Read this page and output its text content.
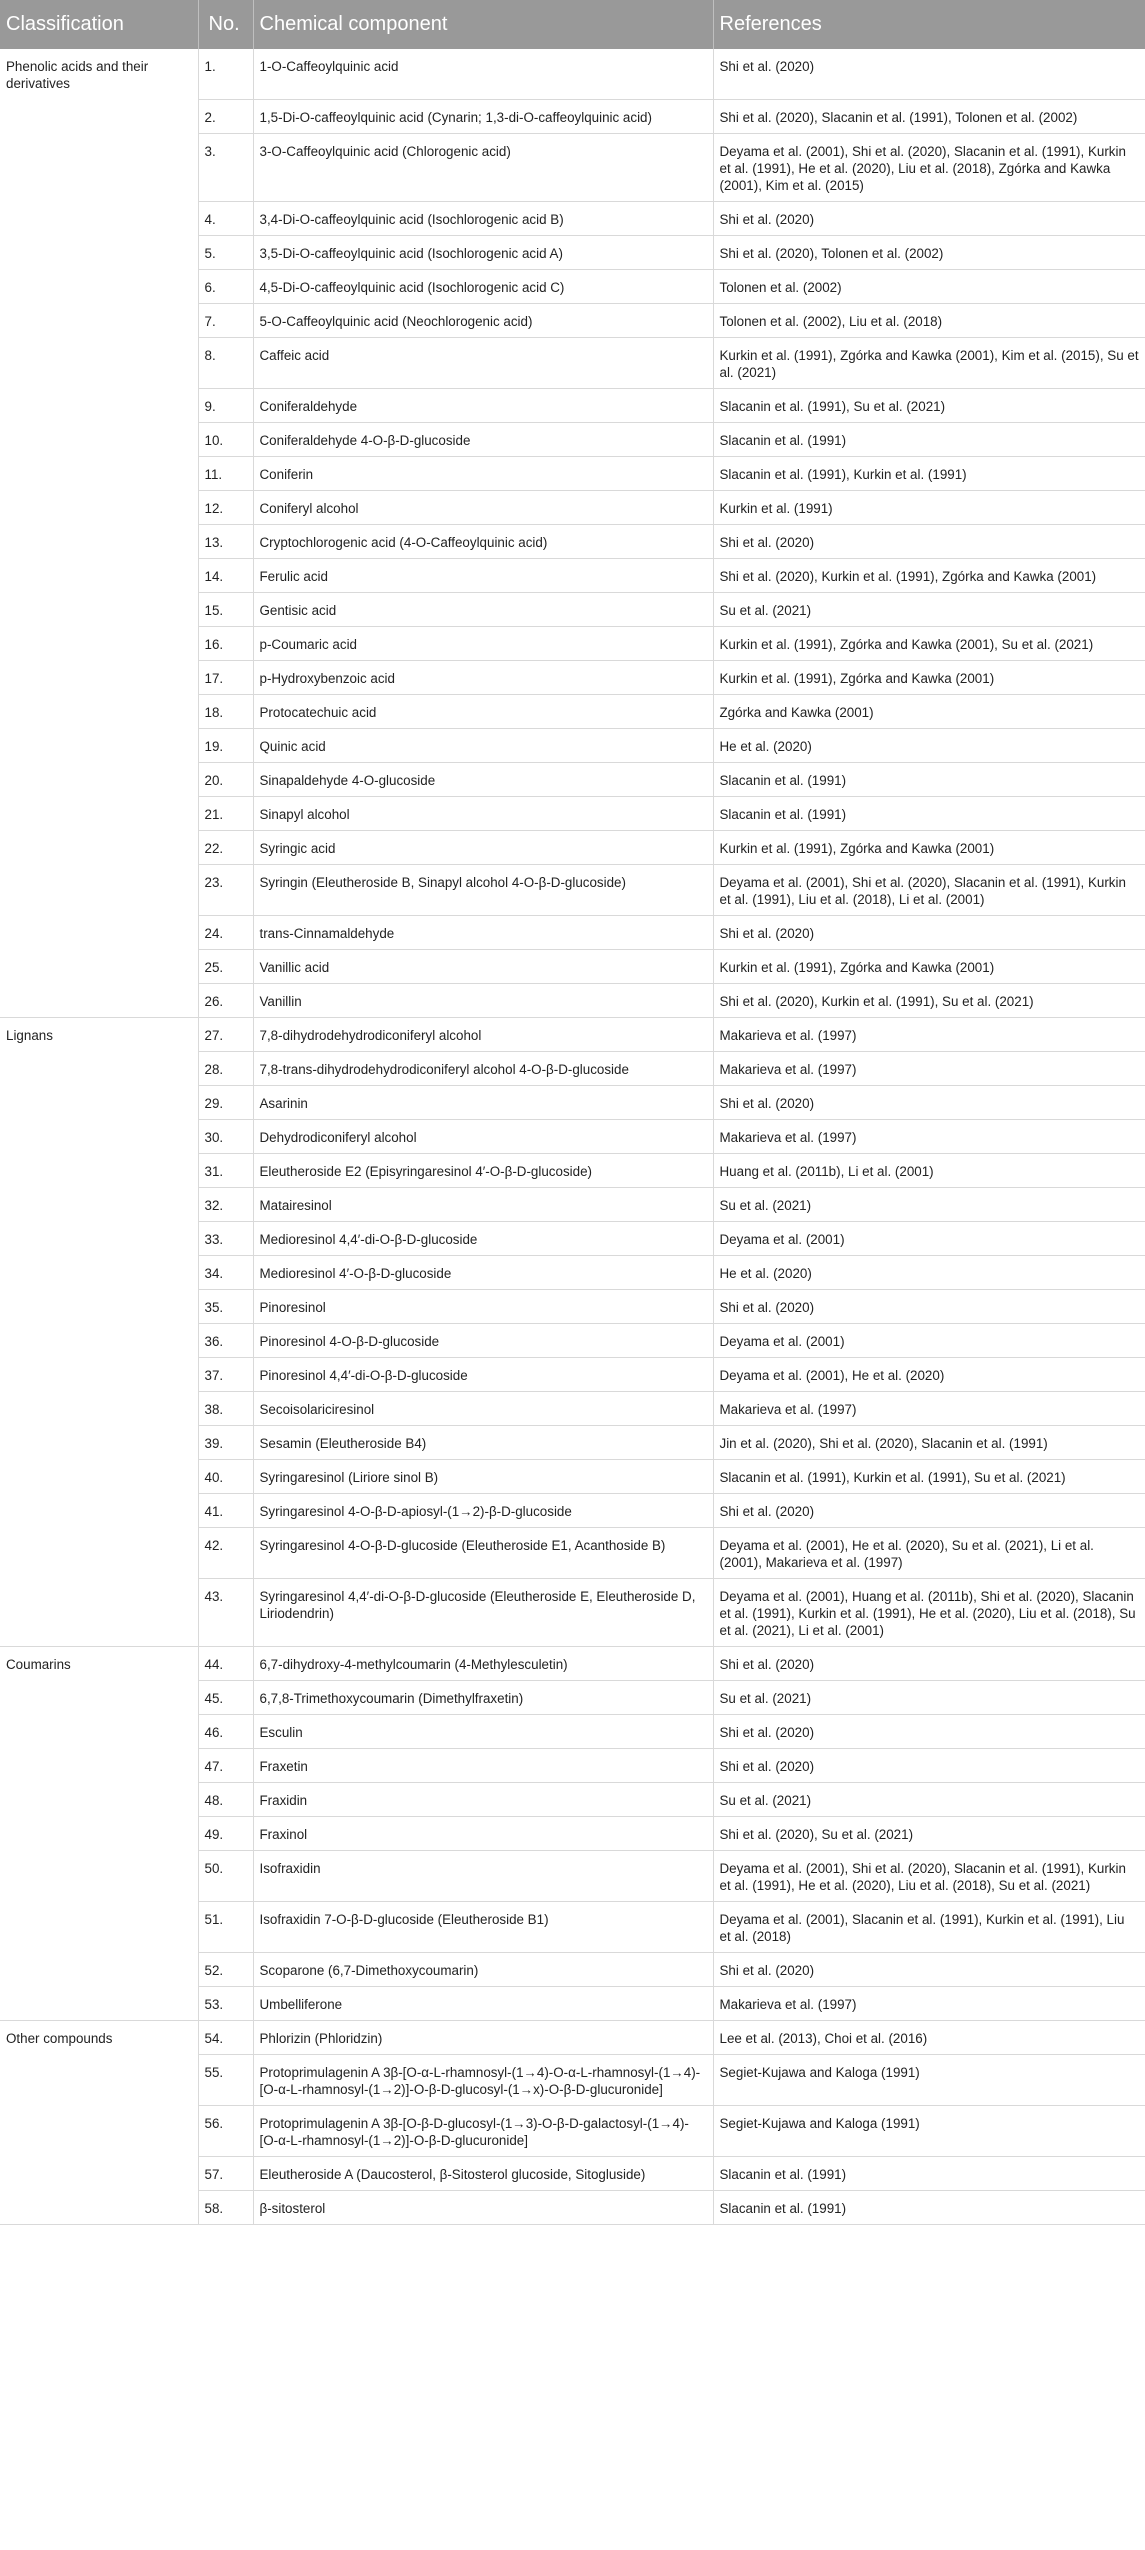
Classification	No.	Chemical component	References
Phenolic acids and their derivatives	1.	1-O-Caffeoylquinic acid	Shi et al. (2020)
	2.	1,5-Di-O-caffeoylquinic acid (Cynarin; 1,3-di-O-caffeoylquinic acid)	Shi et al. (2020), Slacanin et al. (1991), Tolonen et al. (2002)
	3.	3-O-Caffeoylquinic acid (Chlorogenic acid)	Deyama et al. (2001), Shi et al. (2020), Slacanin et al. (1991), Kurkin et al. (1991), He et al. (2020), Liu et al. (2018), Zgórka and Kawka (2001), Kim et al. (2015)
	4.	3,4-Di-O-caffeoylquinic acid (Isochlorogenic acid B)	Shi et al. (2020)
	5.	3,5-Di-O-caffeoylquinic acid (Isochlorogenic acid A)	Shi et al. (2020), Tolonen et al. (2002)
	6.	4,5-Di-O-caffeoylquinic acid (Isochlorogenic acid C)	Tolonen et al. (2002)
	7.	5-O-Caffeoylquinic acid (Neochlorogenic acid)	Tolonen et al. (2002), Liu et al. (2018)
	8.	Caffeic acid	Kurkin et al. (1991), Zgórka and Kawka (2001), Kim et al. (2015), Su et al. (2021)
	9.	Coniferaldehyde	Slacanin et al. (1991), Su et al. (2021)
	10.	Coniferaldehyde 4-O-β-D-glucoside	Slacanin et al. (1991)
	11.	Coniferin	Slacanin et al. (1991), Kurkin et al. (1991)
	12.	Coniferyl alcohol	Kurkin et al. (1991)
	13.	Cryptochlorogenic acid (4-O-Caffeoylquinic acid)	Shi et al. (2020)
	14.	Ferulic acid	Shi et al. (2020), Kurkin et al. (1991), Zgórka and Kawka (2001)
	15.	Gentisic acid	Su et al. (2021)
	16.	p-Coumaric acid	Kurkin et al. (1991), Zgórka and Kawka (2001), Su et al. (2021)
	17.	p-Hydroxybenzoic acid	Kurkin et al. (1991), Zgórka and Kawka (2001)
	18.	Protocatechuic acid	Zgórka and Kawka (2001)
	19.	Quinic acid	He et al. (2020)
	20.	Sinapaldehyde 4-O-glucoside	Slacanin et al. (1991)
	21.	Sinapyl alcohol	Slacanin et al. (1991)
	22.	Syringic acid	Kurkin et al. (1991), Zgórka and Kawka (2001)
	23.	Syringin (Eleutheroside B, Sinapyl alcohol 4-O-β-D-glucoside)	Deyama et al. (2001), Shi et al. (2020), Slacanin et al. (1991), Kurkin et al. (1991), Liu et al. (2018), Li et al. (2001)
	24.	trans-Cinnamaldehyde	Shi et al. (2020)
	25.	Vanillic acid	Kurkin et al. (1991), Zgórka and Kawka (2001)
	26.	Vanillin	Shi et al. (2020), Kurkin et al. (1991), Su et al. (2021)
Lignans	27.	7,8-dihydrodehydrodiconiferyl alcohol	Makarieva et al. (1997)
	28.	7,8-trans-dihydrodehydrodiconiferyl alcohol 4-O-β-D-glucoside	Makarieva et al. (1997)
	29.	Asarinin	Shi et al. (2020)
	30.	Dehydrodiconiferyl alcohol	Makarieva et al. (1997)
	31.	Eleutheroside E2 (Episyringaresinol 4′-O-β-D-glucoside)	Huang et al. (2011b), Li et al. (2001)
	32.	Matairesinol	Su et al. (2021)
	33.	Medioresinol 4,4′-di-O-β-D-glucoside	Deyama et al. (2001)
	34.	Medioresinol 4′-O-β-D-glucoside	He et al. (2020)
	35.	Pinoresinol	Shi et al. (2020)
	36.	Pinoresinol 4-O-β-D-glucoside	Deyama et al. (2001)
	37.	Pinoresinol 4,4′-di-O-β-D-glucoside	Deyama et al. (2001), He et al. (2020)
	38.	Secoisolariciresinol	Makarieva et al. (1997)
	39.	Sesamin (Eleutheroside B4)	Jin et al. (2020), Shi et al. (2020), Slacanin et al. (1991)
	40.	Syringaresinol (Liriore sinol B)	Slacanin et al. (1991), Kurkin et al. (1991), Su et al. (2021)
	41.	Syringaresinol 4-O-β-D-apiosyl-(1→2)-β-D-glucoside	Shi et al. (2020)
	42.	Syringaresinol 4-O-β-D-glucoside (Eleutheroside E1, Acanthoside B)	Deyama et al. (2001), He et al. (2020), Su et al. (2021), Li et al. (2001), Makarieva et al. (1997)
	43.	Syringaresinol 4,4′-di-O-β-D-glucoside (Eleutheroside E, Eleutheroside D, Liriodendrin)	Deyama et al. (2001), Huang et al. (2011b), Shi et al. (2020), Slacanin et al. (1991), Kurkin et al. (1991), He et al. (2020), Liu et al. (2018), Su et al. (2021), Li et al. (2001)
Coumarins	44.	6,7-dihydroxy-4-methylcoumarin (4-Methylesculetin)	Shi et al. (2020)
	45.	6,7,8-Trimethoxycoumarin (Dimethylfraxetin)	Su et al. (2021)
	46.	Esculin	Shi et al. (2020)
	47.	Fraxetin	Shi et al. (2020)
	48.	Fraxidin	Su et al. (2021)
	49.	Fraxinol	Shi et al. (2020), Su et al. (2021)
	50.	Isofraxidin	Deyama et al. (2001), Shi et al. (2020), Slacanin et al. (1991), Kurkin et al. (1991), He et al. (2020), Liu et al. (2018), Su et al. (2021)
	51.	Isofraxidin 7-O-β-D-glucoside (Eleutheroside B1)	Deyama et al. (2001), Slacanin et al. (1991), Kurkin et al. (1991), Liu et al. (2018)
	52.	Scoparone (6,7-Dimethoxycoumarin)	Shi et al. (2020)
	53.	Umbelliferone	Makarieva et al. (1997)
Other compounds	54.	Phlorizin (Phloridzin)	Lee et al. (2013), Choi et al. (2016)
	55.	Protoprimulagenin A 3β-[O-α-L-rhamnosyl-(1→4)-O-α-L-rhamnosyl-(1→4)-[O-α-L-rhamnosyl-(1→2)]-O-β-D-glucosyl-(1→x)-O-β-D-glucuronide]	Segiet-Kujawa and Kaloga (1991)
	56.	Protoprimulagenin A 3β-[O-β-D-glucosyl-(1→3)-O-β-D-galactosyl-(1→4)-[O-α-L-rhamnosyl-(1→2)]-O-β-D-glucuronide]	Segiet-Kujawa and Kaloga (1991)
	57.	Eleutheroside A (Daucosterol, β-Sitosterol glucoside, Sitogluside)	Slacanin et al. (1991)
	58.	β-sitosterol	Slacanin et al. (1991)
